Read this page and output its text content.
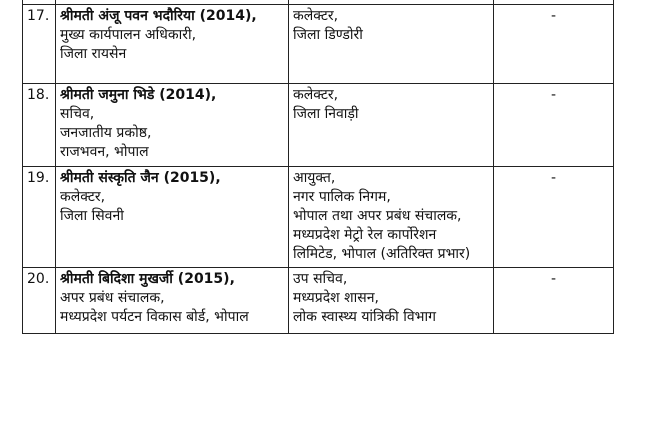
17. श्रीमती अंजू पवन भदौरिया (2014),
मुख्य कार्यपालन अधिकारी,
जिला रायसेन
कलेक्टर,
जिला डिण्डोरी
-
18. श्रीमती जमुना भिडे (2014),
सचिव,
जनजातीय प्रकोष्ठ,
राजभवन, भोपाल
कलेक्टर,
जिला निवाड़ी
-
19. श्रीमती संस्कृति जैन (2015),
कलेक्टर,
जिला सिवनी
आयुक्त,
नगर पालिक निगम,
भोपाल तथा अपर प्रबंध संचालक,
मध्यप्रदेश मेट्रो रेल कार्पोरेशन
लिमिटेड, भोपाल (अतिरिक्त प्रभार)
-
20. श्रीमती बिदिशा मुखर्जी (2015),
अपर प्रबंध संचालक,
मध्यप्रदेश पर्यटन विकास बोर्ड, भोपाल
उप सचिव,
मध्यप्रदेश शासन,
लोक स्वास्थ्य यांत्रिकी विभाग
-
